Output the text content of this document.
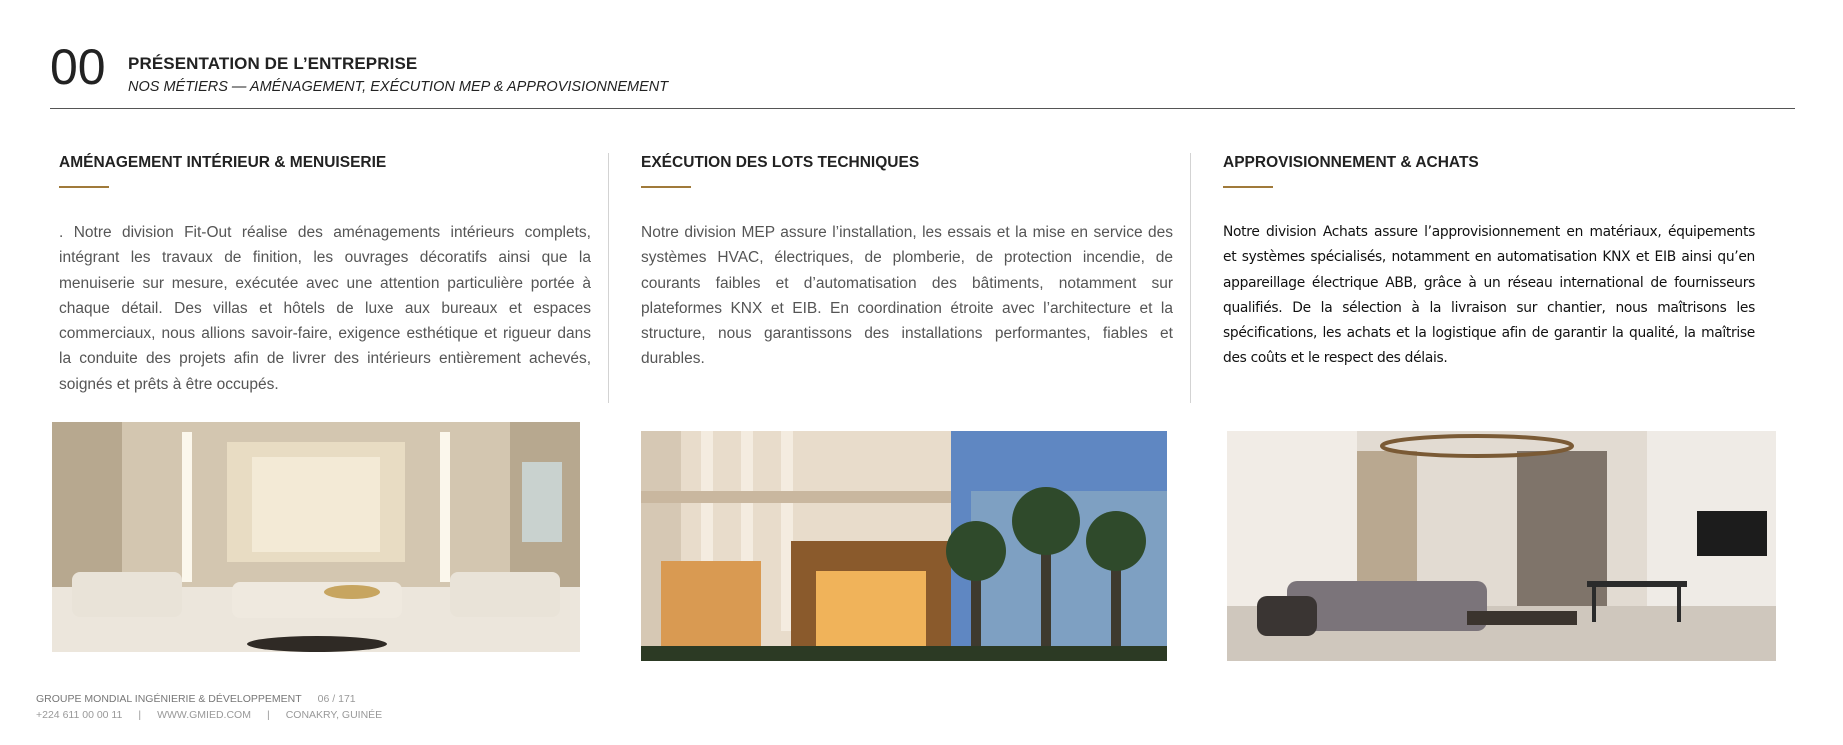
00 PRÉSENTATION DE L’ENTREPRISE
NOS MÉTIERS — AMÉNAGEMENT, EXÉCUTION MEP & APPROVISIONNEMENT
AMÉNAGEMENT INTÉRIEUR & MENUISERIE
. Notre division Fit-Out réalise des aménagements intérieurs complets, intégrant les travaux de finition, les ouvrages décoratifs ainsi que la menuiserie sur mesure, exécutée avec une attention particulière portée à chaque détail. Des villas et hôtels de luxe aux bureaux et espaces commerciaux, nous allions savoir-faire, exigence esthétique et rigueur dans la conduite des projets afin de livrer des intérieurs entièrement achevés, soignés et prêts à être occupés.
EXÉCUTION DES LOTS TECHNIQUES
Notre division MEP assure l’installation, les essais et la mise en service des systèmes HVAC, électriques, de plomberie, de protection incendie, de courants faibles et d’automatisation des bâtiments, notamment sur plateformes KNX et EIB. En coordination étroite avec l’architecture et la structure, nous garantissons des installations performantes, fiables et durables.
APPROVISIONNEMENT & ACHATS
Notre division Achats assure l’approvisionnement en matériaux, équipements et systèmes spécialisés, notamment en automatisation KNX et EIB ainsi qu’en appareillage électrique ABB, grâce à un réseau international de fournisseurs qualifiés. De la sélection à la livraison sur chantier, nous maîtrisons les spécifications, les achats et la logistique afin de garantir la qualité, la maîtrise des coûts et le respect des délais.
GROUPE MONDIAL INGÉNIERIE & DÉVELOPPEMENT 06 / 171
+224 611 00 00 11 | WWW.GMIED.COM | CONAKRY, GUINÉE
